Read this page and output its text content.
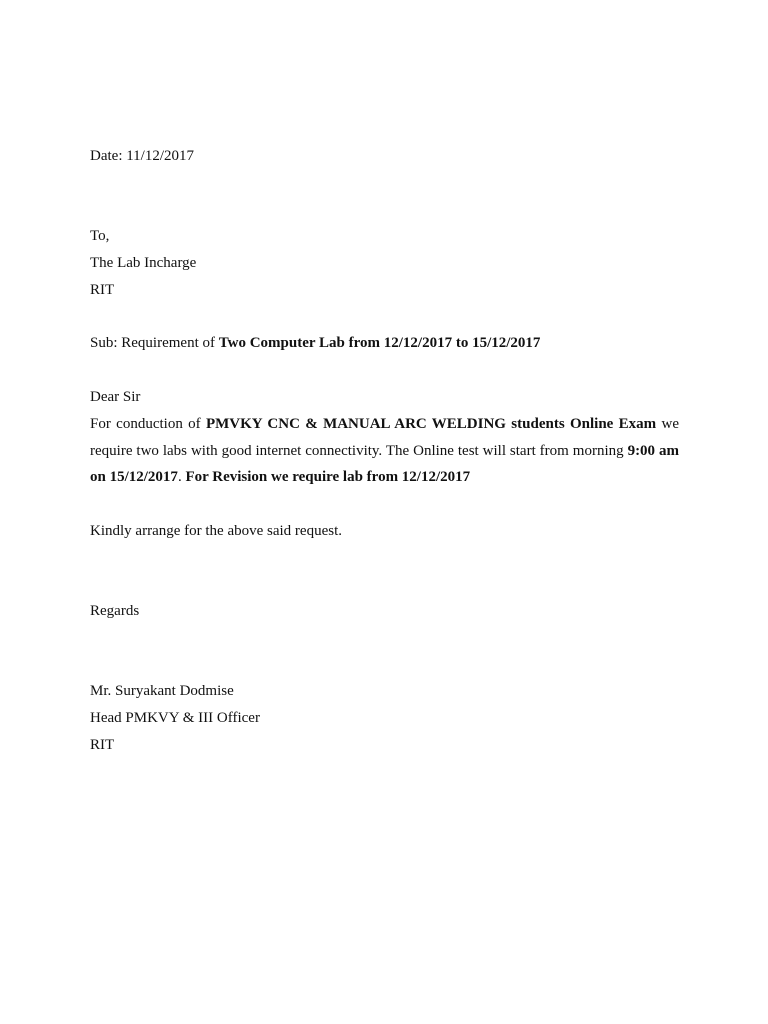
Date: 11/12/2017
To,
The Lab Incharge
RIT
Sub: Requirement of Two Computer Lab from 12/12/2017 to 15/12/2017
Dear Sir
For conduction of PMVKY CNC & MANUAL ARC WELDING students Online Exam we
require two labs with good internet connectivity. The Online test will start from morning 9:00 am
on 15/12/2017. For Revision we require lab from 12/12/2017
Kindly arrange for the above said request.
Regards
Mr. Suryakant Dodmise
Head PMKVY & III Officer
RIT
